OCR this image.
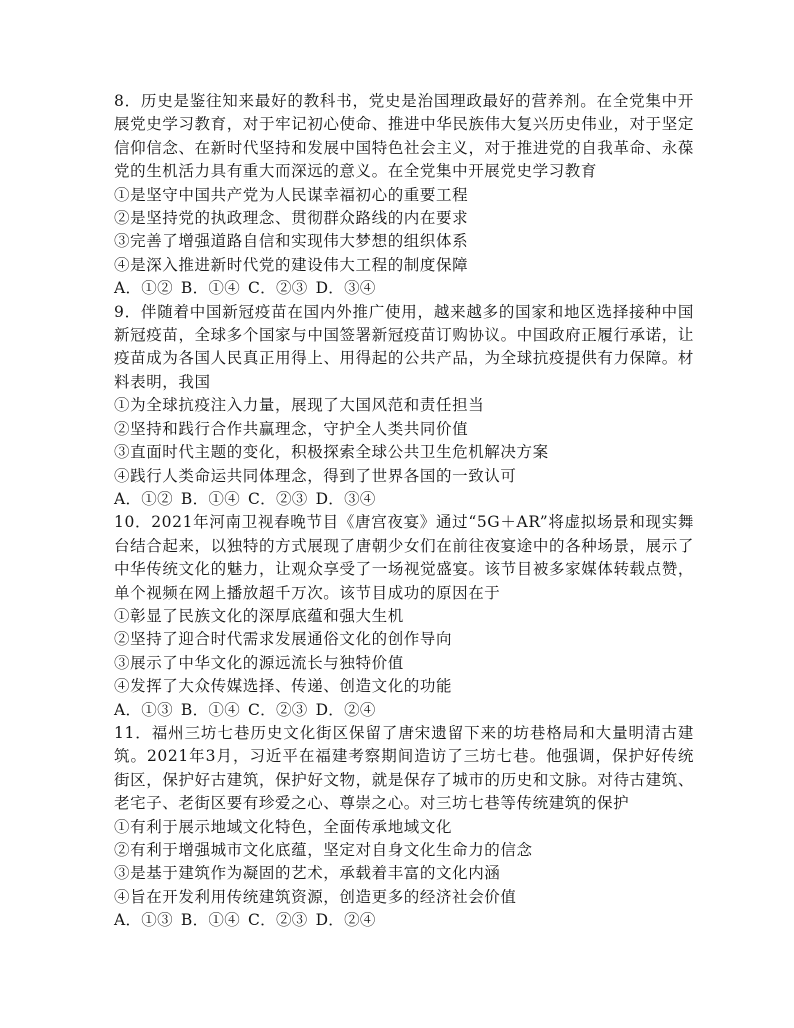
8．历史是鉴往知来最好的教科书，党史是治国理政最好的营养剂。在全党集中开展党史学习教育，对于牢记初心使命、推进中华民族伟大复兴历史伟业，对于坚定信仰信念、在新时代坚持和发展中国特色社会主义，对于推进党的自我革命、永葆党的生机活力具有重大而深远的意义。在全党集中开展党史学习教育

①是坚守中国共产党为人民谋幸福初心的重要工程

②是坚持党的执政理念、贯彻群众路线的内在要求

③完善了增强道路自信和实现伟大梦想的组织体系

④是深入推进新时代党的建设伟大工程的制度保障

A．①② B．①④ C．②③ D．③④

9．伴随着中国新冠疫苗在国内外推广使用，越来越多的国家和地区选择接种中国新冠疫苗，全球多个国家与中国签署新冠疫苗订购协议。中国政府正履行承诺，让疫苗成为各国人民真正用得上、用得起的公共产品，为全球抗疫提供有力保障。材料表明，我国

①为全球抗疫注入力量，展现了大国风范和责任担当

②坚持和践行合作共赢理念，守护全人类共同价值

③直面时代主题的变化，积极探索全球公共卫生危机解决方案

④践行人类命运共同体理念，得到了世界各国的一致认可

A．①② B．①④ C．②③ D．③④

10．2021年河南卫视春晚节目《唐宫夜宴》通过“5G＋AR”将虚拟场景和现实舞台结合起来，以独特的方式展现了唐朝少女们在前往夜宴途中的各种场景，展示了中华传统文化的魅力，让观众享受了一场视觉盛宴。该节目被多家媒体转载点赞，单个视频在网上播放超千万次。该节目成功的原因在于

①彰显了民族文化的深厚底蕴和强大生机

②坚持了迎合时代需求发展通俗文化的创作导向

③展示了中华文化的源远流长与独特价值

④发挥了大众传媒选择、传递、创造文化的功能

A．①③ B．①④ C．②③ D．②④

11．福州三坊七巷历史文化街区保留了唐宋遗留下来的坊巷格局和大量明清古建筑。2021年3月，习近平在福建考察期间造访了三坊七巷。他强调，保护好传统街区，保护好古建筑，保护好文物，就是保存了城市的历史和文脉。对待古建筑、老宅子、老街区要有珍爱之心、尊崇之心。对三坊七巷等传统建筑的保护

①有利于展示地域文化特色，全面传承地域文化

②有利于增强城市文化底蕴，坚定对自身文化生命力的信念

③是基于建筑作为凝固的艺术，承载着丰富的文化内涵

④旨在开发利用传统建筑资源，创造更多的经济社会价值

A．①③ B．①④ C．②③ D．②④
